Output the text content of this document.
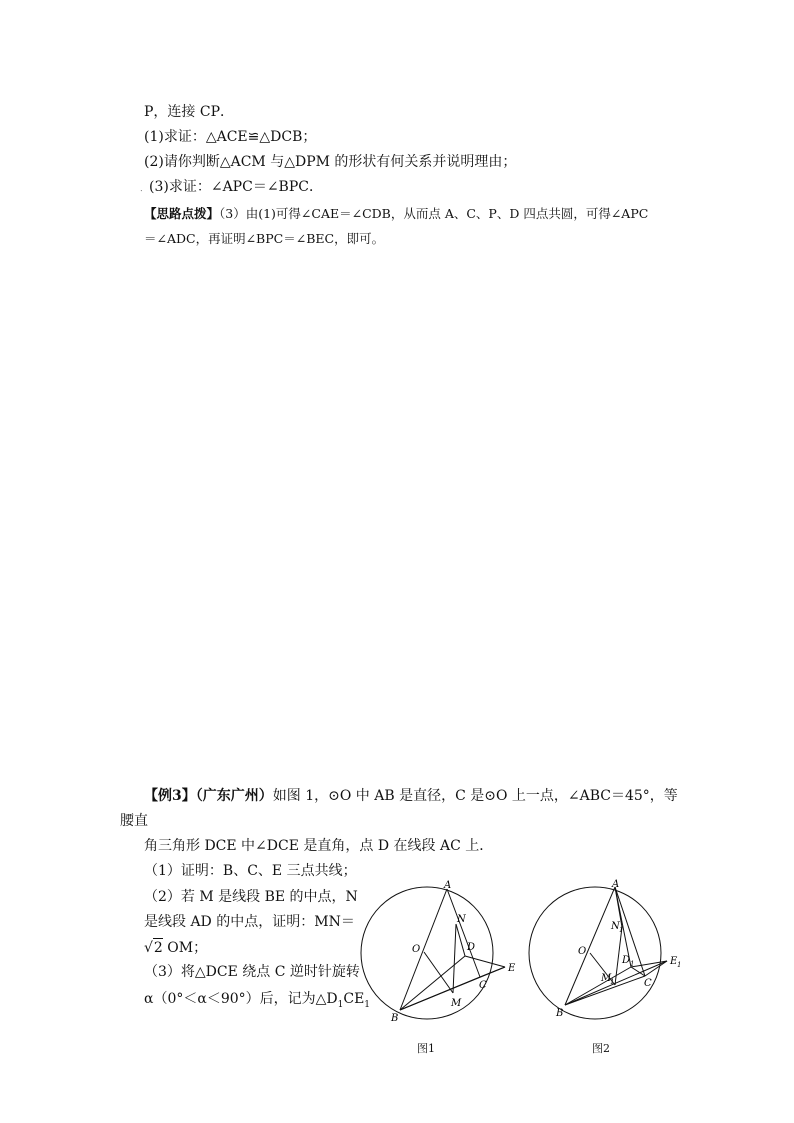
P，连接 CP．
(1)求证：△ACE≌△DCB；
(2)请你判断△ACM 与△DPM 的形状有何关系并说明理由；
．(3)求证：∠APC＝∠BPC．
【思路点拨】（3）由(1)可得∠CAE＝∠CDB，从而点 A、C、P、D 四点共圆，可得∠APC
＝∠ADC，再证明∠BPC＝∠BEC，即可。
【例3】（广东广州）如图 1，⊙O 中 AB 是直径，C 是⊙O 上一点，∠ABC＝45°，等
腰直
角三角形 DCE 中∠DCE 是直角，点 D 在线段 AC 上．
（1）证明：B、C、E 三点共线；
（2）若 M 是线段 BE 的中点，N
是线段 AD 的中点，证明：MN＝
√2 OM；
（3）将△DCE 绕点 C 逆时针旋转
α（0°＜α＜90°）后，记为$\triangle D_1CE_1$
A
B
C
O
N
D
E
M
图1
A
B
C
O
N 1
D 1	E 1
M
1
图2
